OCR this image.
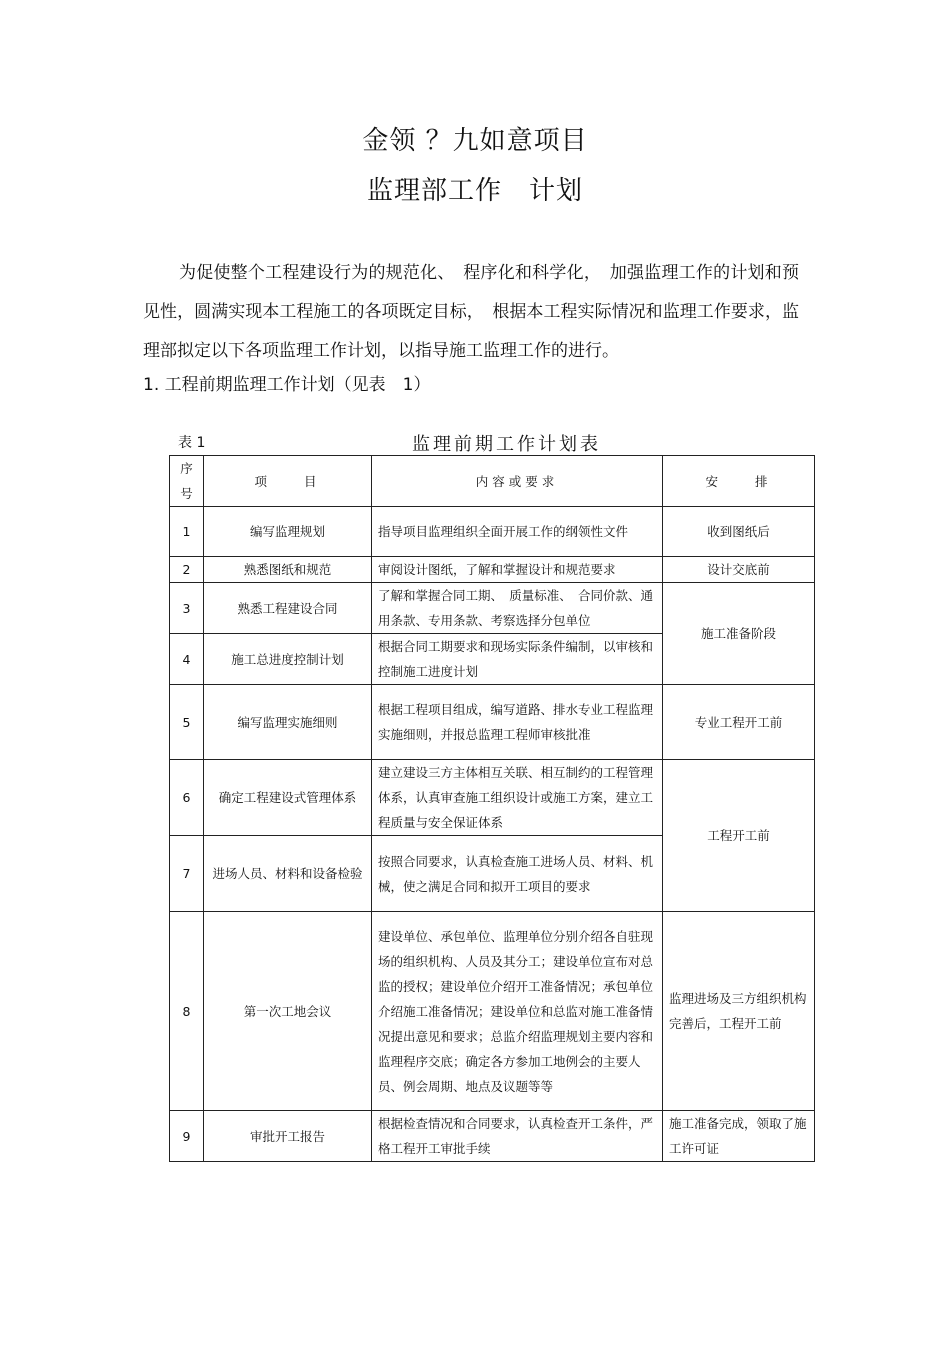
金领 ？九如意项目
监理部工作　计划

为促使整个工程建设行为的规范化、　程序化和科学化，　加强监理工作的计划和预见性，圆满实现本工程施工的各项既定目标，　根据本工程实际情况和监理工作要求，监理部拟定以下各项监理工作计划，以指导施工监理工作的进行。

1. 工程前期监理工作计划（见表　1）
表 1	监理前期工作计划表
序号	项　　目	内容或要求	安　　排
1	编写监理规划	指导项目监理组织全面开展工作的纲领性文件	收到图纸后
2	熟悉图纸和规范	审阅设计图纸，了解和掌握设计和规范要求	设计交底前
3	熟悉工程建设合同	了解和掌握合同工期、　质量标准、　合同价款、通用条款、专用条款、考察选择分包单位	施工准备阶段
4	施工总进度控制计划	根据合同工期要求和现场实际条件编制，以审核和控制施工进度计划	
5	编写监理实施细则	根据工程项目组成，编写道路、排水专业工程监理实施细则，并报总监理工程师审核批准	专业工程开工前
6	确定工程建设式管理体系	建立建设三方主体相互关联、相互制约的工程管理体系，认真审查施工组织设计或施工方案，建立工程质量与安全保证体系	工程开工前
7	进场人员、材料和设备检验	按照合同要求，认真检查施工进场人员、材料、机械，使之满足合同和拟开工项目的要求	
8	第一次工地会议	建设单位、承包单位、监理单位分别介绍各自驻现场的组织机构、人员及其分工；建设单位宣布对总监的授权；建设单位介绍开工准备情况；承包单位介绍施工准备情况；建设单位和总监对施工准备情况提出意见和要求；总监介绍监理规划主要内容和监理程序交底；确定各方参加工地例会的主要人员、例会周期、地点及议题等等	监理进场及三方组织机构完善后，工程开工前
9	审批开工报告	根据检查情况和合同要求，认真检查开工条件，严格工程开工审批手续	施工准备完成，领取了施工许可证
